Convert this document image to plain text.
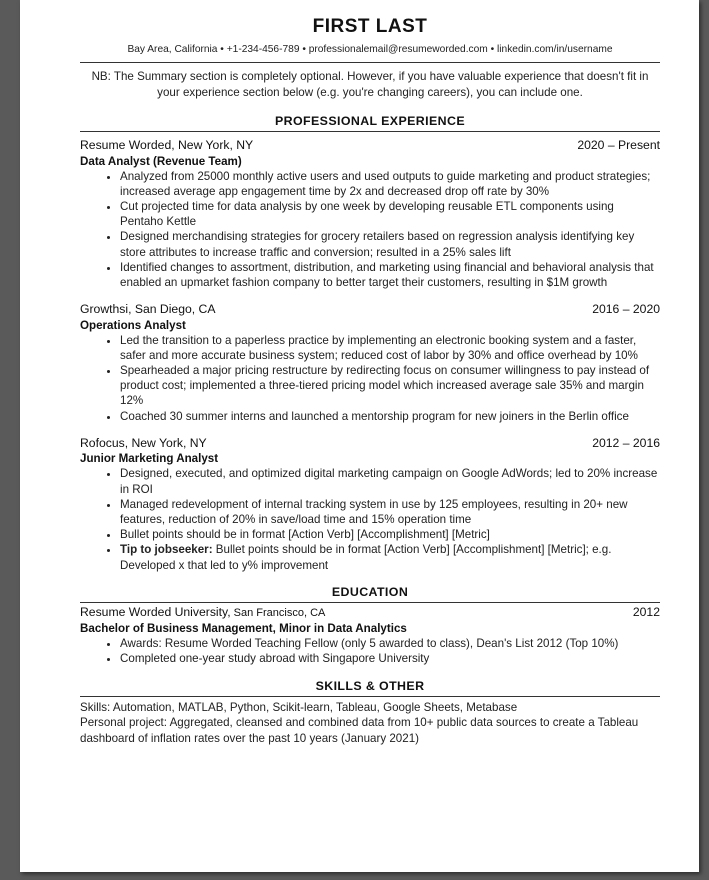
FIRST LAST
Bay Area, California • +1-234-456-789 • professionalemail@resumeworded.com • linkedin.com/in/username
NB: The Summary section is completely optional. However, if you have valuable experience that doesn't fit in your experience section below (e.g. you're changing careers), you can include one.
PROFESSIONAL EXPERIENCE
Resume Worded, New York, NY	2020 – Present
Data Analyst (Revenue Team)
• Analyzed from 25000 monthly active users and used outputs to guide marketing and product strategies; increased average app engagement time by 2x and decreased drop off rate by 30%
• Cut projected time for data analysis by one week by developing reusable ETL components using Pentaho Kettle
• Designed merchandising strategies for grocery retailers based on regression analysis identifying key store attributes to increase traffic and conversion; resulted in a 25% sales lift
• Identified changes to assortment, distribution, and marketing using financial and behavioral analysis that enabled an upmarket fashion company to better target their customers, resulting in $1M growth
Growthsi, San Diego, CA	2016 – 2020
Operations Analyst
• Led the transition to a paperless practice by implementing an electronic booking system and a faster, safer and more accurate business system; reduced cost of labor by 30% and office overhead by 10%
• Spearheaded a major pricing restructure by redirecting focus on consumer willingness to pay instead of product cost; implemented a three-tiered pricing model which increased average sale 35% and margin 12%
• Coached 30 summer interns and launched a mentorship program for new joiners in the Berlin office
Rofocus, New York, NY	2012 – 2016
Junior Marketing Analyst
• Designed, executed, and optimized digital marketing campaign on Google AdWords; led to 20% increase in ROI
• Managed redevelopment of internal tracking system in use by 125 employees, resulting in 20+ new features, reduction of 20% in save/load time and 15% operation time
• Bullet points should be in format [Action Verb] [Accomplishment] [Metric]
• Tip to jobseeker: Bullet points should be in format [Action Verb] [Accomplishment] [Metric]; e.g. Developed x that led to y% improvement
EDUCATION
Resume Worded University, San Francisco, CA	2012
Bachelor of Business Management, Minor in Data Analytics
• Awards: Resume Worded Teaching Fellow (only 5 awarded to class), Dean's List 2012 (Top 10%)
• Completed one-year study abroad with Singapore University
SKILLS & OTHER
Skills: Automation, MATLAB, Python, Scikit-learn, Tableau, Google Sheets, Metabase
Personal project: Aggregated, cleansed and combined data from 10+ public data sources to create a Tableau dashboard of inflation rates over the past 10 years (January 2021)
